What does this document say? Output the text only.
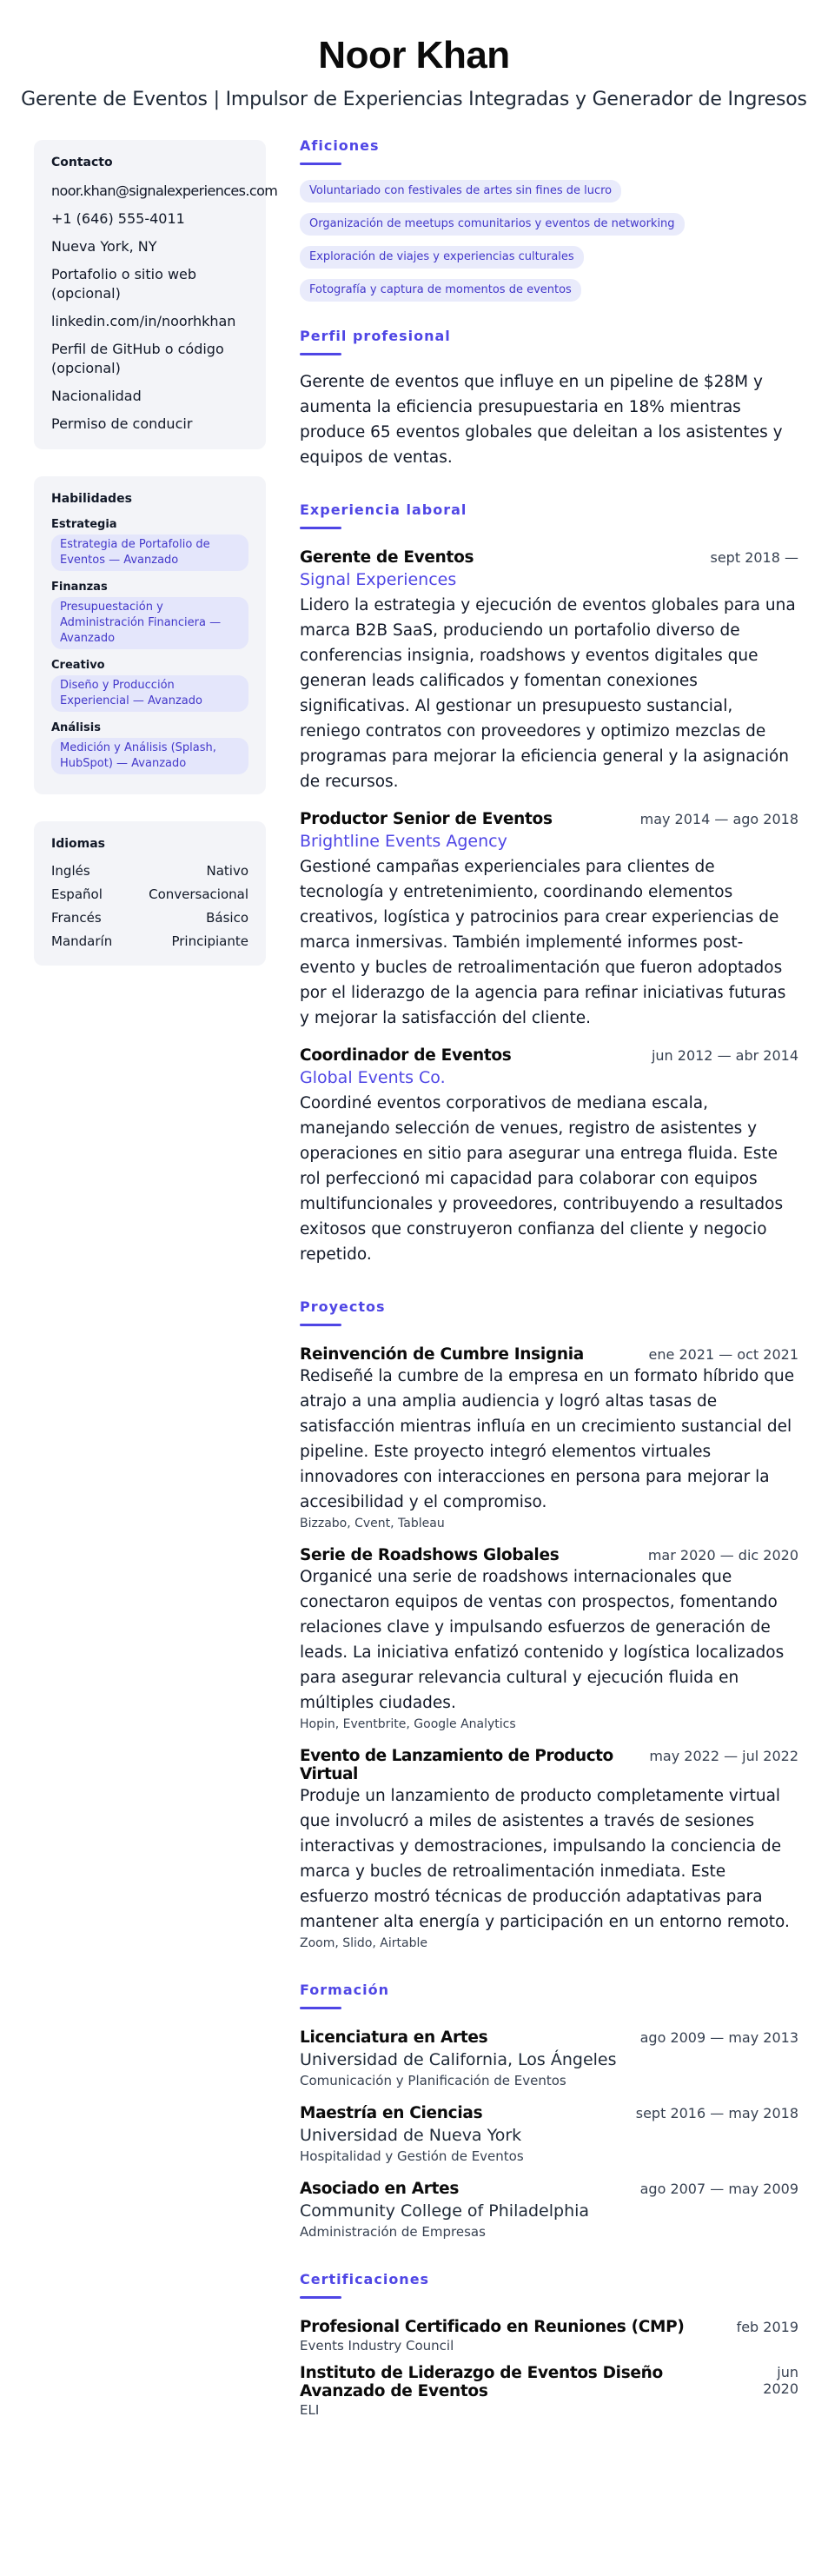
Noor Khan
Gerente de Eventos | Impulsor de Experiencias Integradas y Generador de Ingresos
Contacto
noor.khan@signalexperiences.com
+1 (646) 555-4011
Nueva York, NY
Portafolio o sitio web (opcional)
linkedin.com/in/noorhkhan
Perfil de GitHub o código (opcional)
Nacionalidad
Permiso de conducir
Habilidades
Estrategia
Estrategia de Portafolio de Eventos — Avanzado
Finanzas
Presupuestación y Administración Financiera — Avanzado
Creativo
Diseño y Producción Experiencial — Avanzado
Análisis
Medición y Análisis (Splash, HubSpot) — Avanzado
Idiomas
Inglés	Nativo
Español	Conversacional
Francés	Básico
Mandarín	Principiante
Aficiones
Voluntariado con festivales de artes sin fines de lucro
Organización de meetups comunitarios y eventos de networking
Exploración de viajes y experiencias culturales
Fotografía y captura de momentos de eventos
Perfil profesional
Gerente de eventos que influye en un pipeline de $28M y aumenta la eficiencia presupuestaria en 18% mientras produce 65 eventos globales que deleitan a los asistentes y equipos de ventas.
Experiencia laboral
Gerente de Eventos	sept 2018 —
Signal Experiences
Lidero la estrategia y ejecución de eventos globales para una marca B2B SaaS, produciendo un portafolio diverso de conferencias insignia, roadshows y eventos digitales que generan leads calificados y fomentan conexiones significativas. Al gestionar un presupuesto sustancial, reniego contratos con proveedores y optimizo mezclas de programas para mejorar la eficiencia general y la asignación de recursos.
Productor Senior de Eventos	may 2014 — ago 2018
Brightline Events Agency
Gestioné campañas experienciales para clientes de tecnología y entretenimiento, coordinando elementos creativos, logística y patrocinios para crear experiencias de marca inmersivas. También implementé informes post-evento y bucles de retroalimentación que fueron adoptados por el liderazgo de la agencia para refinar iniciativas futuras y mejorar la satisfacción del cliente.
Coordinador de Eventos	jun 2012 — abr 2014
Global Events Co.
Coordiné eventos corporativos de mediana escala, manejando selección de venues, registro de asistentes y operaciones en sitio para asegurar una entrega fluida. Este rol perfeccionó mi capacidad para colaborar con equipos multifuncionales y proveedores, contribuyendo a resultados exitosos que construyeron confianza del cliente y negocio repetido.
Proyectos
Reinvención de Cumbre Insignia	ene 2021 — oct 2021
Rediseñé la cumbre de la empresa en un formato híbrido que atrajo a una amplia audiencia y logró altas tasas de satisfacción mientras influía en un crecimiento sustancial del pipeline. Este proyecto integró elementos virtuales innovadores con interacciones en persona para mejorar la accesibilidad y el compromiso.
Bizzabo, Cvent, Tableau
Serie de Roadshows Globales	mar 2020 — dic 2020
Organicé una serie de roadshows internacionales que conectaron equipos de ventas con prospectos, fomentando relaciones clave y impulsando esfuerzos de generación de leads. La iniciativa enfatizó contenido y logística localizados para asegurar relevancia cultural y ejecución fluida en múltiples ciudades.
Hopin, Eventbrite, Google Analytics
Evento de Lanzamiento de Producto Virtual
may 2022 — jul 2022
Produje un lanzamiento de producto completamente virtual que involucró a miles de asistentes a través de sesiones interactivas y demostraciones, impulsando la conciencia de marca y bucles de retroalimentación inmediata. Este esfuerzo mostró técnicas de producción adaptativas para mantener alta energía y participación en un entorno remoto.
Zoom, Slido, Airtable
Formación
Licenciatura en Artes	ago 2009 — may 2013
Universidad de California, Los Ángeles
Comunicación y Planificación de Eventos
Maestría en Ciencias	sept 2016 — may 2018
Universidad de Nueva York
Hospitalidad y Gestión de Eventos
Asociado en Artes	ago 2007 — may 2009
Community College of Philadelphia
Administración de Empresas
Certificaciones
Profesional Certificado en Reuniones (CMP)	feb 2019
Events Industry Council
Instituto de Liderazgo de Eventos Diseño Avanzado de Eventos
jun 2020
ELI
